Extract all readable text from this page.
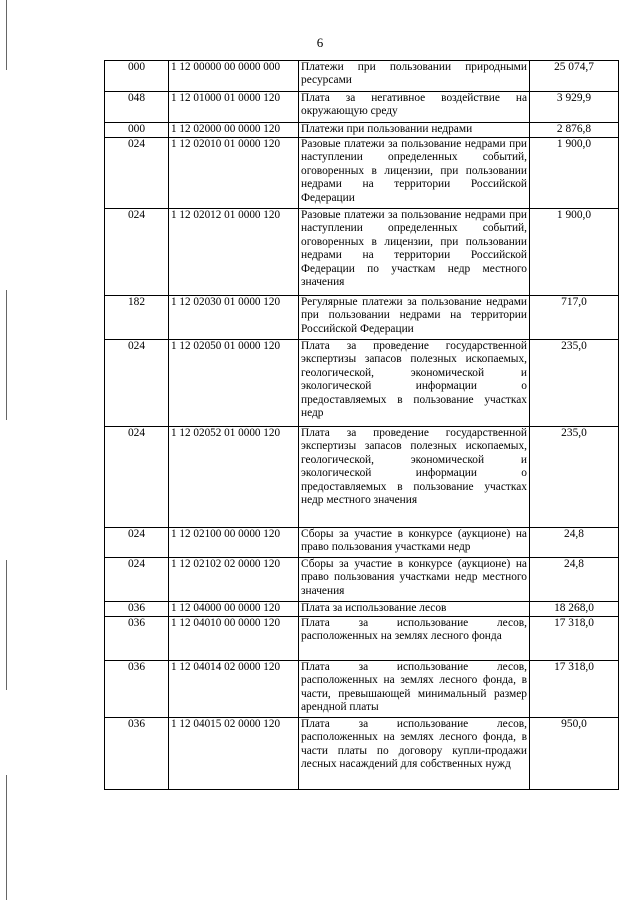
6
000	1 12 00000 00 0000 000	Платежи при пользовании природными ресурсами	25 074,7
048	1 12 01000 01 0000 120	Плата за негативное воздействие на окружающую среду	3 929,9
000	1 12 02000 00 0000 120	Платежи при пользовании недрами	2 876,8
024	1 12 02010 01 0000 120	Разовые платежи за пользование недрами при наступлении определенных событий, оговоренных в лицензии, при пользовании недрами на территории Российской Федерации	1 900,0
024	1 12 02012 01 0000 120	Разовые платежи за пользование недрами при наступлении определенных событий, оговоренных в лицензии, при пользовании недрами на территории Российской Федерации по участкам недр местного значения	1 900,0
182	1 12 02030 01 0000 120	Регулярные платежи за пользование недрами при пользовании недрами на территории Российской Федерации	717,0
024	1 12 02050 01 0000 120	Плата за проведение государственной экспертизы запасов полезных ископаемых, геологической, экономической и экологической информации о предоставляемых в пользование участках недр	235,0
024	1 12 02052 01 0000 120	Плата за проведение государственной экспертизы запасов полезных ископаемых, геологической, экономической и экологической информации о предоставляемых в пользование участках недр местного значения	235,0
024	1 12 02100 00 0000 120	Сборы за участие в конкурсе (аукционе) на право пользования участками недр	24,8
024	1 12 02102 02 0000 120	Сборы за участие в конкурсе (аукционе) на право пользования участками недр местного значения	24,8
036	1 12 04000 00 0000 120	Плата за использование лесов	18 268,0
036	1 12 04010 00 0000 120	Плата за использование лесов, расположенных на землях лесного фонда	17 318,0
036	1 12 04014 02 0000 120	Плата за использование лесов, расположенных на землях лесного фонда, в части, превышающей минимальный размер арендной платы	17 318,0
036	1 12 04015 02 0000 120	Плата за использование лесов, расположенных на землях лесного фонда, в части платы по договору купли-продажи лесных насаждений для собственных нужд	950,0
